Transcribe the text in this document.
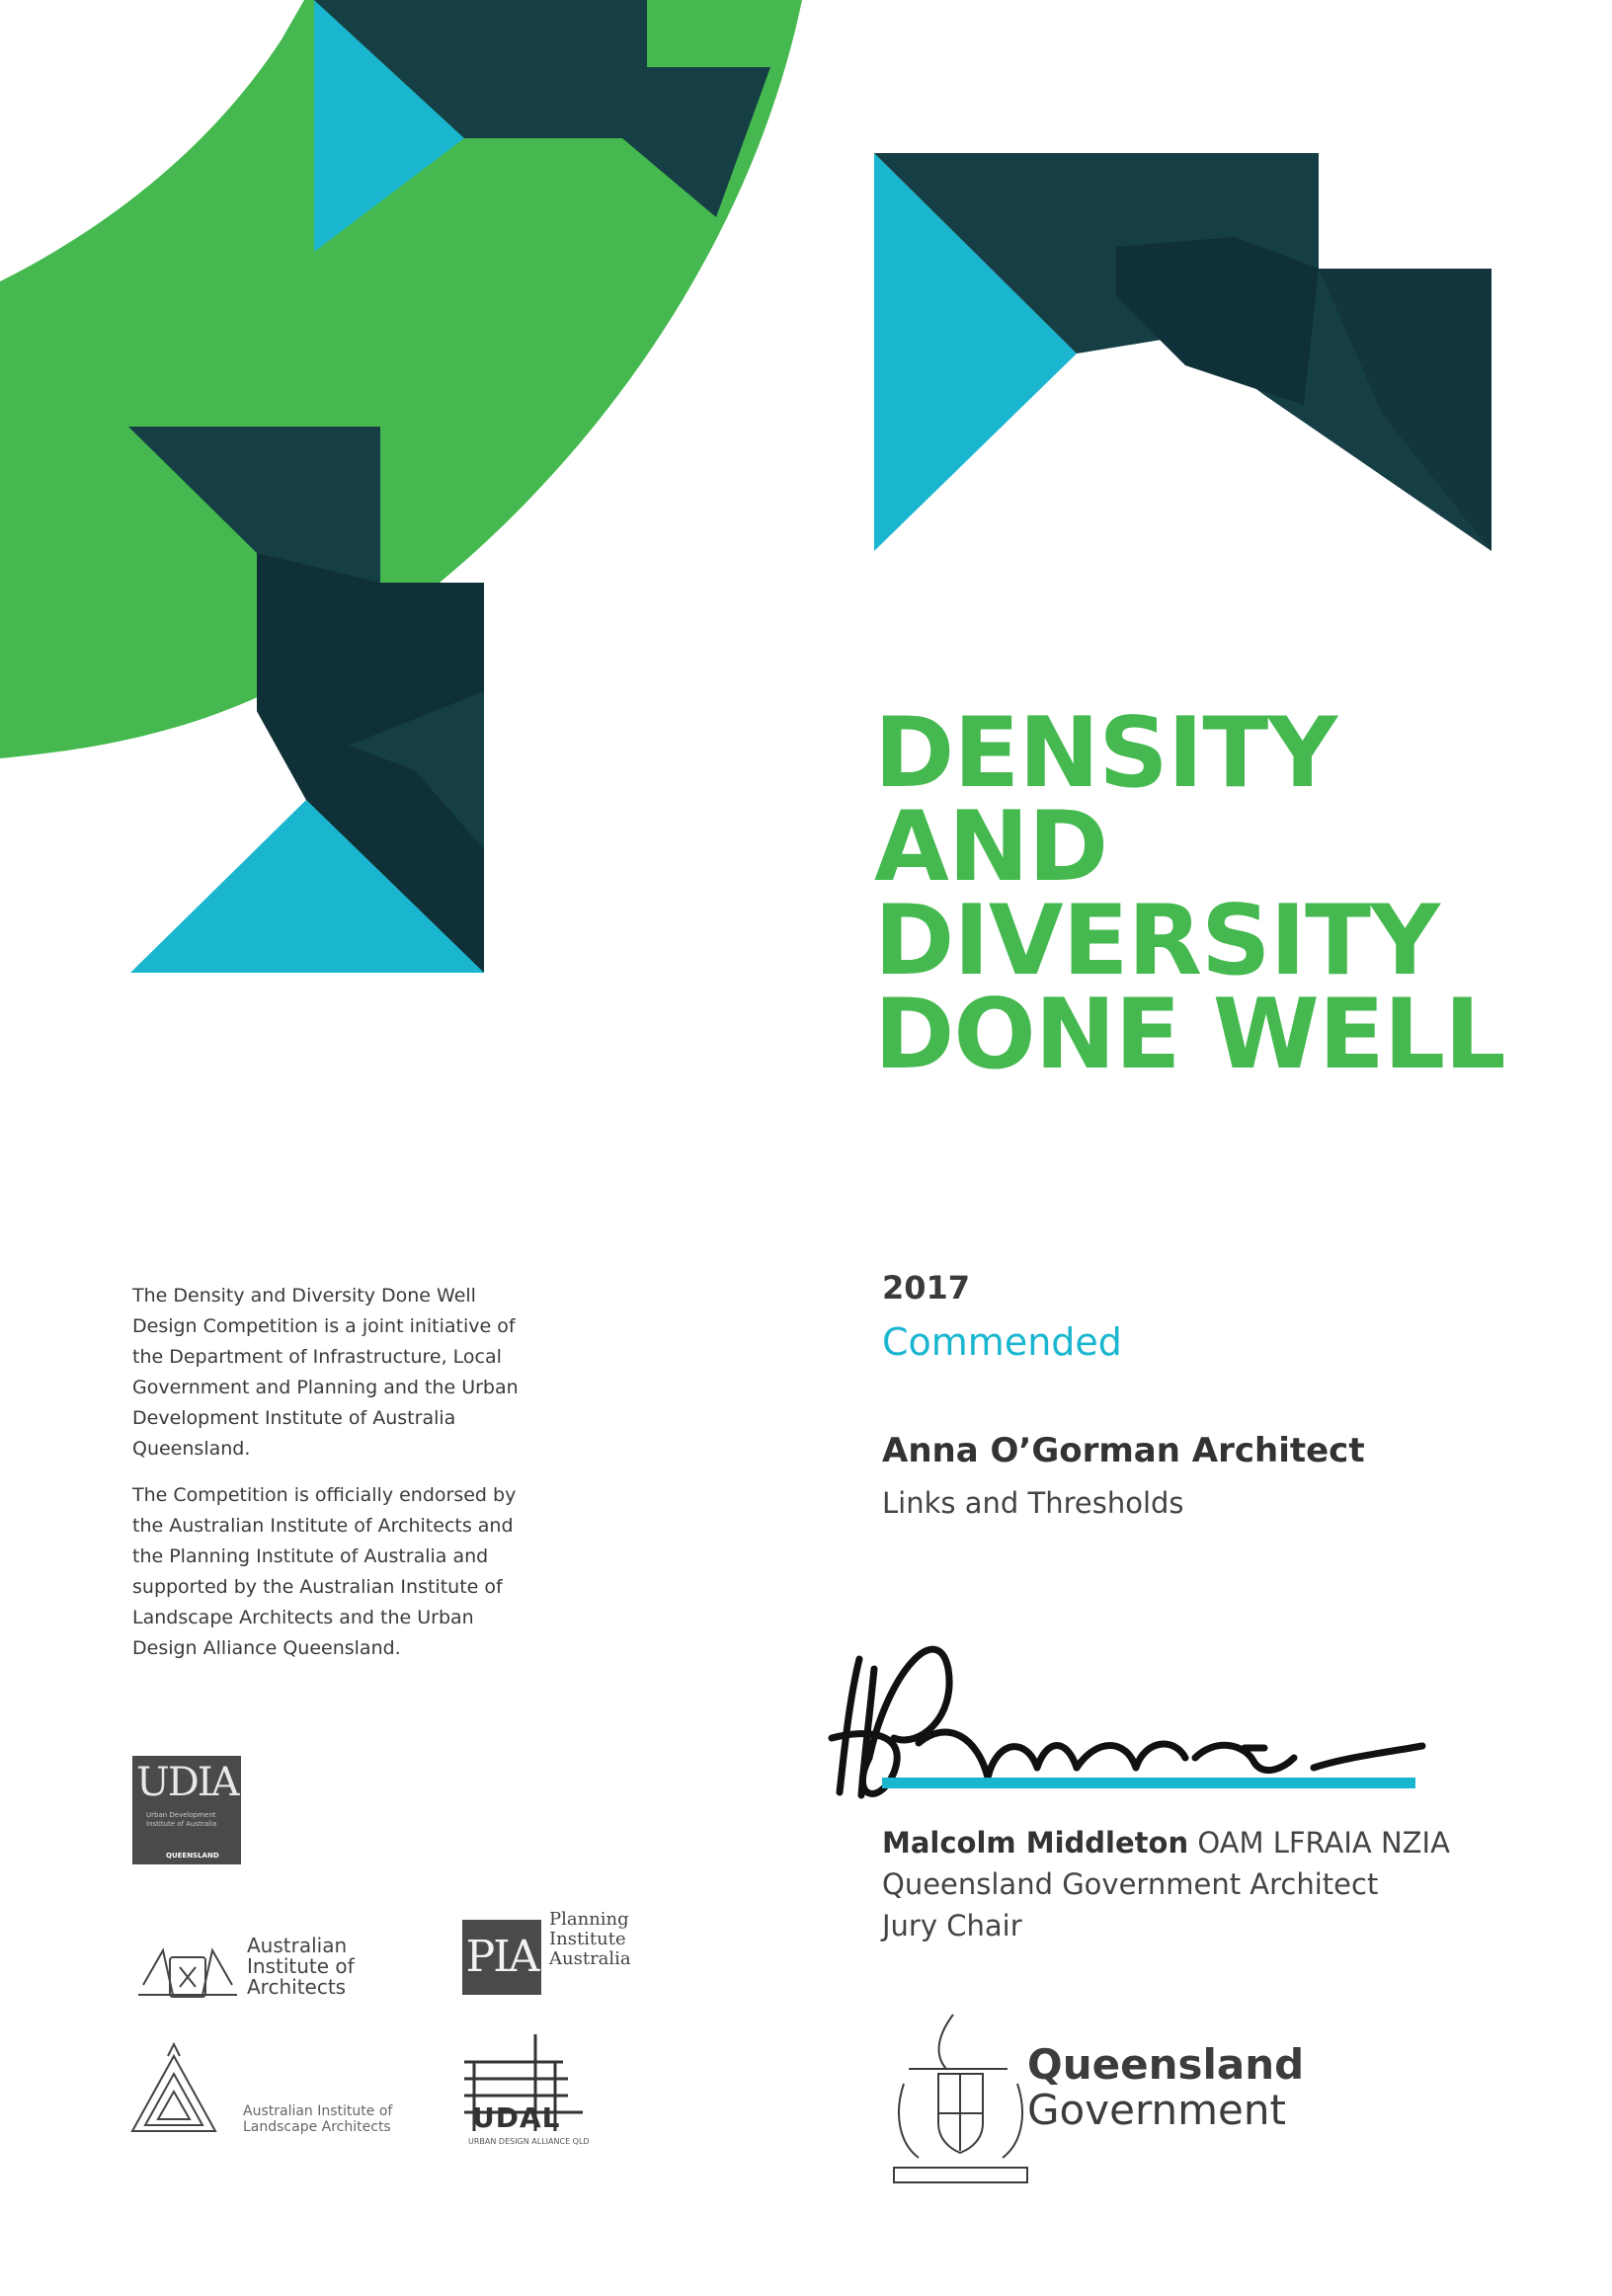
DENSITY
AND
DIVERSITY
DONE WELL

The Density and Diversity Done Well Design Competition is a joint initiative of the Department of Infrastructure, Local Government and Planning and the Urban Development Institute of Australia Queensland.

The Competition is officially endorsed by the Australian Institute of Architects and the Planning Institute of Australia and supported by the Australian Institute of Landscape Architects and the Urban Design Alliance Queensland.

2017
Commended
Anna O’Gorman Architect
Links and Thresholds
Malcolm Middleton OAM LFRAIA NZIA
Queensland Government Architect
Jury Chair
UDIA
Urban Development Institute of Australia
QUEENSLAND
Australian
Institute of
Architects
PIA
Planning
Institute
Australia
Australian Institute of
Landscape Architects	UDAL
URBAN DESIGN ALLIANCE QLD
Queensland
Government
